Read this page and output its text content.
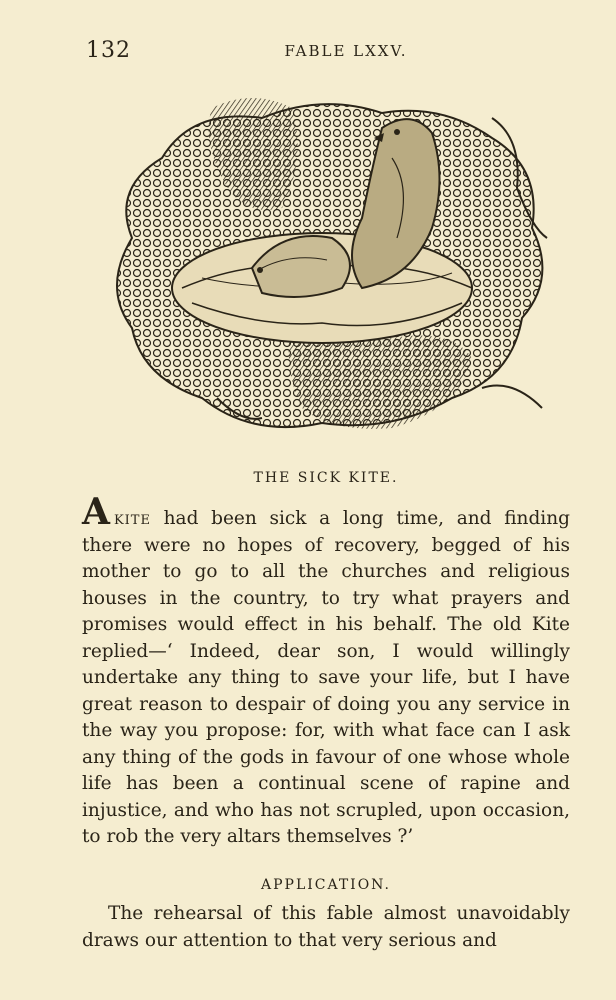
132	FABLE LXXV.
THE SICK KITE.

Akite had been sick a long time, and finding there were no hopes of recovery, begged of his mother to go to all the churches and religious houses in the country, to try what prayers and promises would effect in his behalf. The old Kite replied—‘ Indeed, dear son, I would willingly undertake any thing to save your life, but I have great reason to despair of doing you any service in the way you propose: for, with what face can I ask any thing of the gods in favour of one whose whole life has been a continual scene of rapine and injustice, and who has not scrupled, upon occasion, to rob the very altars themselves ?’

APPLICATION.

The rehearsal of this fable almost unavoidably draws our attention to that very serious and
